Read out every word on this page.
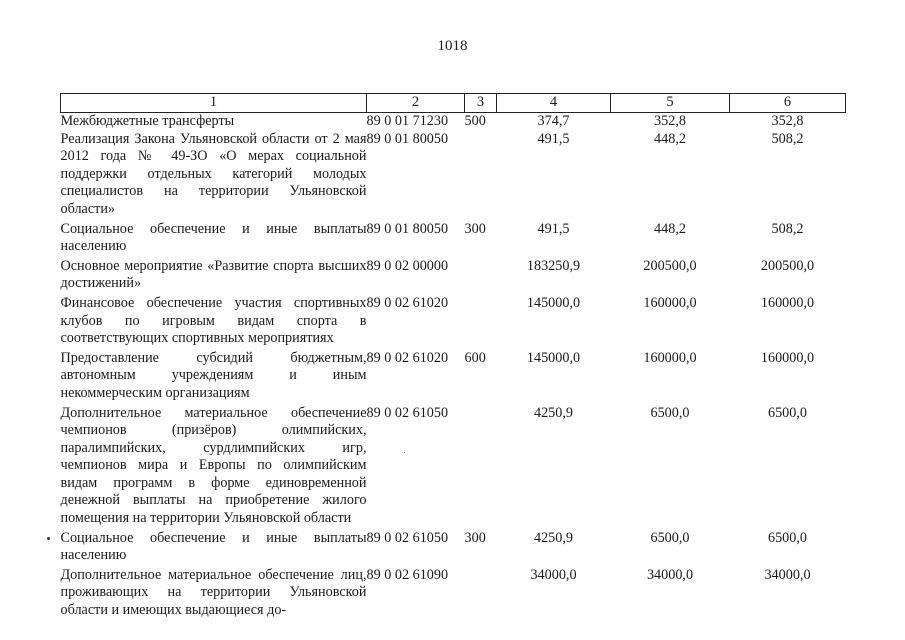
1018
1	2	3	4	5	6
Межбюджетные трансферты	89 0 01 71230	500	374,7	352,8	352,8
Реализация Закона Ульяновской области от 2 мая 2012 года № 49-ЗО «О мерах социальной поддержки отдельных категорий молодых специалистов на территории Ульяновской области»	89 0 01 80050		491,5	448,2	508,2
Социальное обеспечение и иные выплаты населению	89 0 01 80050	300	491,5	448,2	508,2
Основное мероприятие «Развитие спорта высших достижений»	89 0 02 00000		183250,9	200500,0	200500,0
Финансовое обеспечение участия спортивных клубов по игровым видам спорта в соответствующих спортивных мероприятиях	89 0 02 61020		145000,0	160000,0	160000,0
Предоставление субсидий бюджетным, автономным учреждениям и иным некоммерческим организациям	89 0 02 61020	600	145000,0	160000,0	160000,0
Дополнительное материальное обеспечение чемпионов (призёров) олимпийских, паралимпийских, сурдлимпийских игр, чемпионов мира и Европы по олимпийским видам программ в форме единовременной денежной выплаты на приобретение жилого помещения на территории Ульяновской области	89 0 02 61050		4250,9	6500,0	6500,0
Социальное обеспечение и иные выплаты населению	89 0 02 61050	300	4250,9	6500,0	6500,0
Дополнительное материальное обеспечение лиц, проживающих на территории Ульяновской области и имеющих выдающиеся до-	89 0 02 61090		34000,0	34000,0	34000,0
